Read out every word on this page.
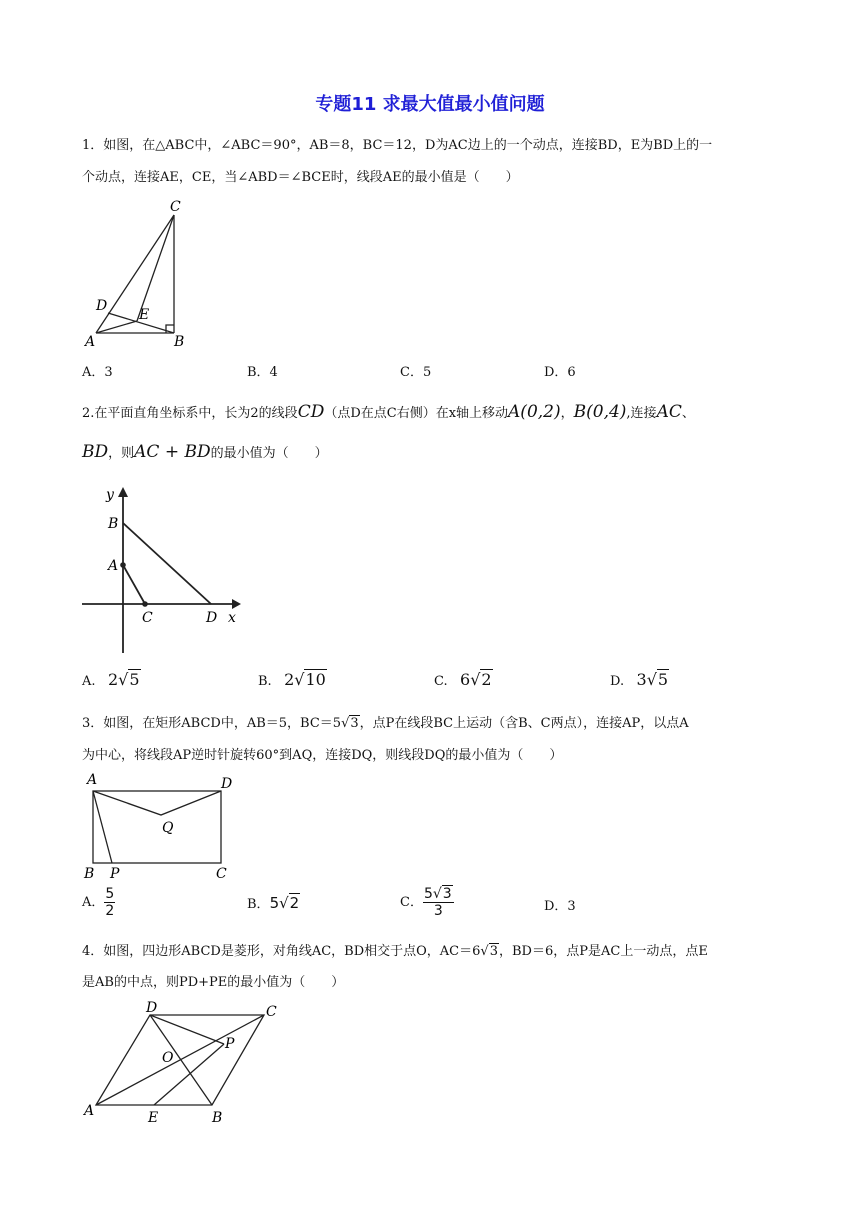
专题11 求最大值最小值问题
1．如图，在△ABC中，∠ABC＝90°，AB＝8，BC＝12，D为AC边上的一个动点，连接BD，E为BD上的一
个动点，连接AE，CE，当∠ABD＝∠BCE时，线段AE的最小值是（　　）
C
D
E
A	B
A．3	B．4	C．5	D．6
2.在平面直角坐标系中，长为2的线段CD（点D在点C右侧）在x轴上移动A(0,2)，B(0,4),连接AC、
BD，则AC + BD的最小值为（　　）
y
B
A
C	D x
A. 2√5	B. 2√10	C. 6√2	D. 3√5
3．如图，在矩形ABCD中，AB＝5，BC＝5√3，点P在线段BC上运动（含B、C两点），连接AP，以点A
为中心，将线段AP逆时针旋转60°到AQ，连接DQ，则线段DQ的最小值为（　　）
A	D
Q
B P	C
A． $\frac{5}{2}$	B．5√2	C． $\frac{5√3}{3}$	D．3
4．如图，四边形ABCD是菱形，对角线AC，BD相交于点O，AC＝6√3，BD＝6，点P是AC上一动点，点E
是AB的中点，则PD+PE的最小值为（　　）
D	C
P
O
A	E	B
